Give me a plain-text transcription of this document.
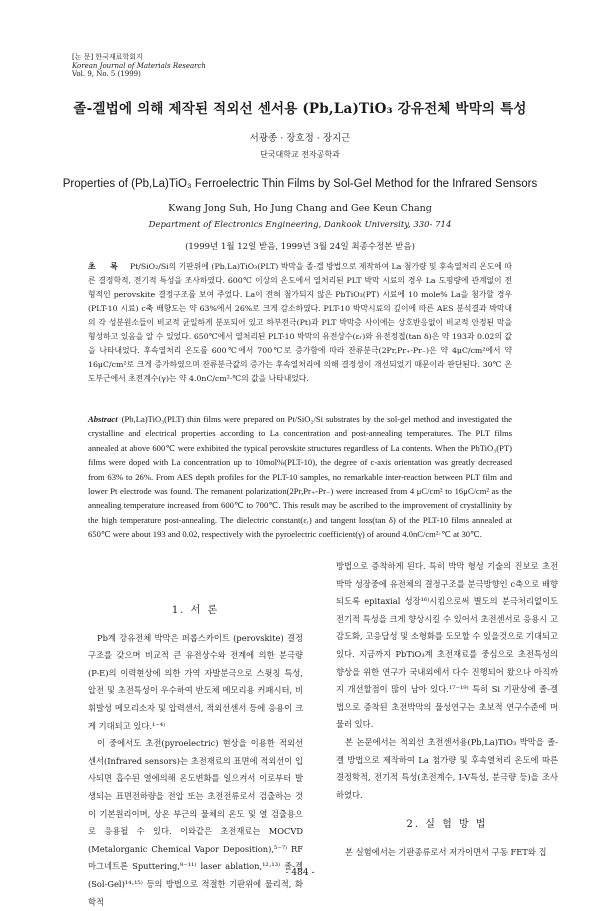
[논 문] 한국재료학회지
Korean Journal of Materials Research
Vol. 9, No. 5 (1999)
졸-겔법에 의해 제작된 적외선 센서용 (Pb,La)TiO₃ 강유전체 박막의 특성
서광종 · 장호정 · 장지근
단국대학교 전자공학과
Properties of (Pb,La)TiO₃ Ferroelectric Thin Films by Sol-Gel Method for the Infrared Sensors
Kwang Jong Suh, Ho Jung Chang and Gee Keun Chang
Department of Electronics Engineering, Dankook University, 330- 714
(1999년 1월 12일 받음, 1999년 3월 24일 최종수정본 받음)
초 록 Pt/SiO₂/Si의 기판위에 (Pb,La)TiO₃(PLT) 박막을 졸-겔 방법으로 제작하여 La 첨가량 및 후속열처리 온도에 따른 결정학적, 전기적 특성을 조사하였다. 600℃ 이상의 온도에서 열처리된 PLT 박막 시료의 경우 La 도핑량에 관계없이 전형적인 perovskite 결정구조를 보여 주었다. La이 전혀 첨가되지 않은 PbTiO₃(PT) 시료에 10 mole% La을 첨가할 경우(PLT-10 시료) c축 배향도는 약 63%에서 26%로 크게 감소하였다. PLT-10 박막시료의 깊이에 따른 AES 분석결과 박막내의 각 성분원소들이 비교적 균일하게 분포되어 있고 하부전극(Pt)과 PLT 박막층 사이에는 상호반응없이 비교적 안정된 막을 형성하고 있음을 알 수 있었다. 650℃에서 열처리된 PLT-10 박막의 유전상수(εᵣ)와 유전정접(tan δ)은 약 193과 0.02의 값을 나타내었다. 후속열처리 온도를 600℃에서 700℃로 증가함에 따라 잔류분극(2Pr,Pr₊-Pr₋)은 약 4μC/cm²에서 약 16μC/cm²로 크게 증가하였으며 잔류분극값의 증가는 후속열처리에 의해 결정성이 개선되었기 때문이라 판단된다. 30℃ 온도부근에서 초전계수(γ)는 약 4.0nC/cm²·℃의 값을 나타내었다.
Abstract (Pb,La)TiO₃(PLT) thin films were prepared on Pt/SiO₂/Si substrates by the sol-gel method and investigated the crystalline and electrical properties according to La concentration and post-annealing temperatures. The PLT films annealed at above 600℃ were exhibited the typical perovskite structures regardless of La contents. When the PbTiO₃(PT) films were doped with La concentration up to 10mol%(PLT-10), the degree of c-axis orientation was greatly decreased from 63% to 26%. From AES depth profiles for the PLT-10 samples, no remarkable inter-reaction between PLT film and lower Pt electrode was found. The remanent polarization(2Pr,Pr₊-Pr₋) were increased from 4 μC/cm² to 16μC/cm² as the annealing temperature increased from 600℃ to 700℃. This result may be ascribed to the improvement of crystallinity by the high temperature post-annealing. The dielectric constant(εᵣ) and tangent loss(tan δ) of the PLT-10 films annealed at 650℃ were about 193 and 0.02, respectively with the pyroelectric coefficient(γ) of around 4.0nC/cm²·℃ at 30℃.
1. 서 론

Pb계 강유전체 박막은 퍼롭스카이트 (perovskite) 결정구조를 갖으며 비교적 큰 유전상수와 전계에 의한 분극량 (P-E)의 이력현상에 의한 가역 자발분극으로 스윗칭 특성, 압전 및 초전특성이 우수하여 반도체 메모리용 커패시터, 비휘발성 메모리소자 및 압력센서, 적외선센서 등에 응용이 크게 기대되고 있다.¹⁻⁴⁾

이 중에서도 초전(pyroelectric) 현상을 이용한 적외선센서(Infrared sensors)는 초전재료의 표면에 적외선이 입사되면 흡수된 열에의해 온도변화를 일으켜서 이로부터 발생되는 표면전하량을 전압 또는 초전전류로서 검출하는 것이 기본원리이며, 상온 부근의 물체의 온도 및 열 검출용으로 응용될 수 있다. 이와같은 초전재료는 MOCVD (Metalorganic Chemical Vapor Deposition),⁵⁻⁷⁾ RF 마그네트론 Sputtering,⁸⁻¹¹⁾ laser ablation,¹²·¹³⁾ 졸-겔(Sol-Gel)¹⁴·¹⁵⁾ 등의 방법으로 적절한 기판위에 물리적, 화학적

방법으로 증착하게 된다. 특히 박막 형성 기술의 진보로 초전박막 성장중에 유전체의 결정구조를 분극방향인 c축으로 배향되도록 epitaxial 성장¹⁶⁾시킴으로써 별도의 분극처리없이도 전기적 특성을 크게 향상시킬 수 있어서 초전센서로 응용시 고감도화, 고응답성 및 소형화를 도모할 수 있을것으로 기대되고 있다. 지금까지 PbTiO₃계 초전재료를 중심으로 초전특성의 향상을 위한 연구가 국내외에서 다수 진행되어 왔으나 아직까지 개선할점이 많이 남아 있다.¹⁷⁻¹⁹⁾ 특히 Si 기판상에 졸-겔법으로 증착된 초전박막의 물성연구는 초보적 연구수준에 머물러 있다.

본 논문에서는 적외선 초전센서용(Pb,La)TiO₃ 박막을 졸-겔 방법으로 제작하여 La 첨가량 및 후속열처리 온도에 따른 결정학적, 전기적 특성(초전계수, I-V특성, 분극량 등)을 조사하였다.

2. 실 험 방 법

본 실험에서는 기판종류로서 저가이면서 구동 FET와 집

- 484 -
